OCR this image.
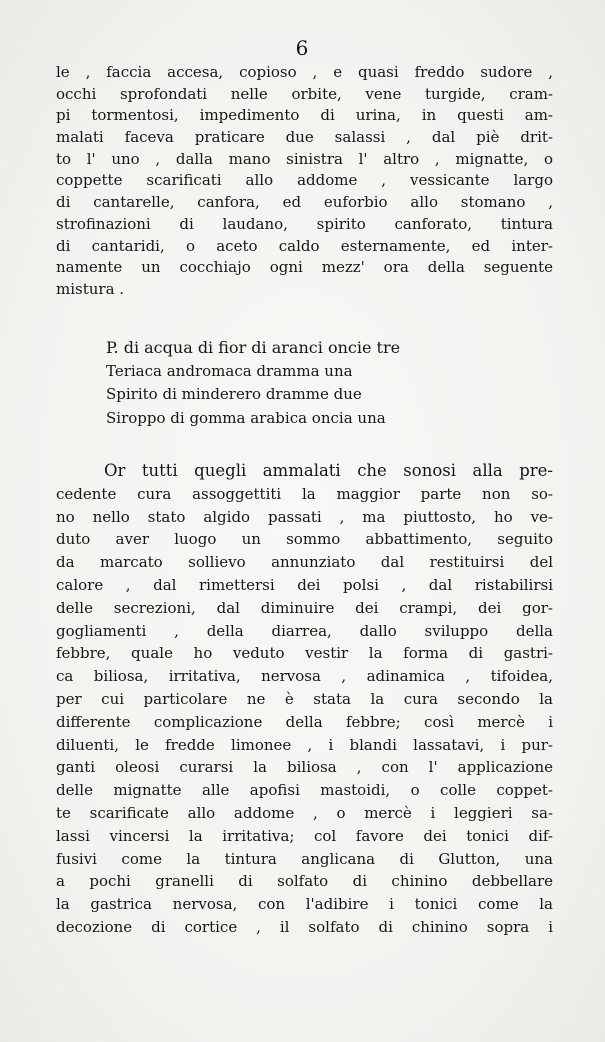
6
le , faccia accesa, copioso , e quasi freddo sudore ,
occhi sprofondati nelle orbite, vene turgide, cram-
pi tormentosi, impedimento di urina, in questi am-
malati faceva praticare due salassi , dal piè drit-
to l' uno , dalla mano sinistra l' altro , mignatte, o
coppette scarificati allo addome , vessicante largo
di cantarelle, canfora, ed euforbio allo stomano ,
strofinazioni di laudano, spirito canforato, tintura
di cantaridi, o aceto caldo esternamente, ed inter-
namente un cocchiajo ogni mezz' ora della seguente
mistura .
P. di acqua di fior di aranci oncie tre
Teriaca andromaca dramma una
Spirito di minderero dramme due
Siroppo di gomma arabica oncia una
Or tutti quegli ammalati che sonosi alla pre-
cedente cura assoggettiti la maggior parte non so-
no nello stato algido passati , ma piuttosto, ho ve-
duto aver luogo un sommo abbattimento, seguito
da marcato sollievo annunziato dal restituirsi del
calore , dal rimettersi dei polsi , dal ristabilirsi
delle secrezioni, dal diminuire dei crampi, dei gor-
gogliamenti , della diarrea, dallo sviluppo della
febbre, quale ho veduto vestir la forma di gastri-
ca biliosa, irritativa, nervosa , adinamica , tifoidea,
per cui particolare ne è stata la cura secondo la
differente complicazione della febbre; così mercè i
diluenti, le fredde limonee , i blandi lassatavi, i pur-
ganti oleosi curarsi la biliosa , con l' applicazione
delle mignatte alle apofisi mastoidi, o colle coppet-
te scarificate allo addome , o mercè i leggieri sa-
lassi vincersi la irritativa; col favore dei tonici dif-
fusivi come la tintura anglicana di Glutton, una
a pochi granelli di solfato di chinino debbellare
la gastrica nervosa, con l'adibire i tonici come la
decozione di cortice , il solfato di chinino sopra i
